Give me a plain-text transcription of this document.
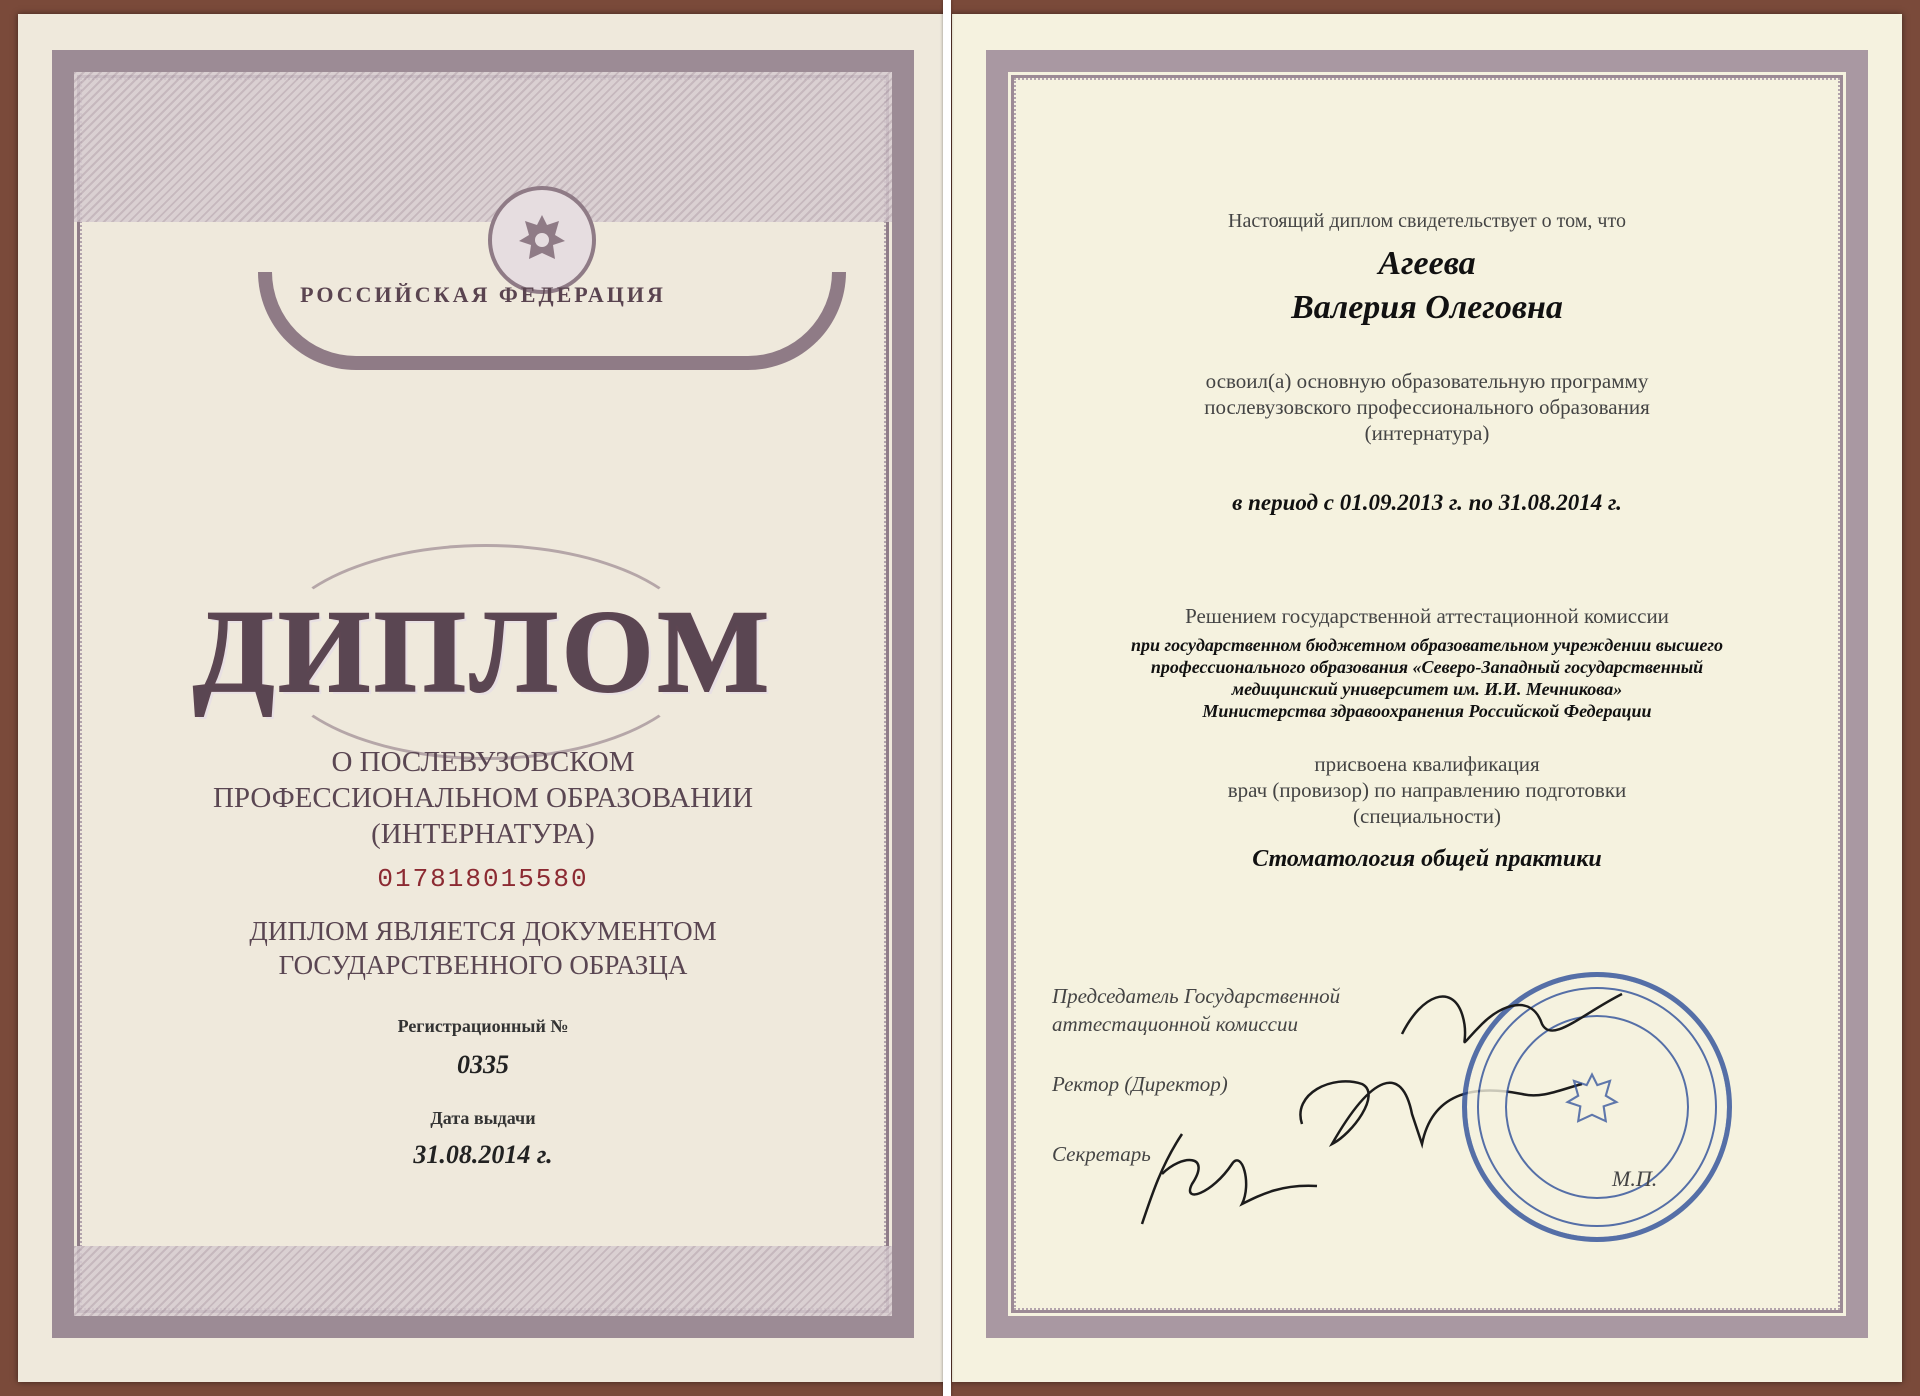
РОССИЙСКАЯ ФЕДЕРАЦИЯ
ДИПЛОМ
О ПОСЛЕВУЗОВСКОМ
ПРОФЕССИОНАЛЬНОМ ОБРАЗОВАНИИ
(ИНТЕРНАТУРА)
017818015580
ДИПЛОМ ЯВЛЯЕТСЯ ДОКУМЕНТОМ
ГОСУДАРСТВЕННОГО ОБРАЗЦА
Регистрационный №
0335
Дата выдачи
31.08.2014 г.
Настоящий диплом свидетельствует о том, что
Агеева
Валерия Олеговна
освоил(а) основную образовательную программу
послевузовского профессионального образования
(интернатура)
в период с 01.09.2013 г. по 31.08.2014 г.
Решением государственной аттестационной комиссии
при государственном бюджетном образовательном учреждении высшего
профессионального образования «Северо-Западный государственный
медицинский университет им. И.И. Мечникова»
Министерства здравоохранения Российской Федерации
присвоена квалификация
врач (провизор) по направлению подготовки
(специальности)
Стоматология общей практики
Председатель Государственной
аттестационной комиссии
Ректор (Директор)
Секретарь
М.П.
